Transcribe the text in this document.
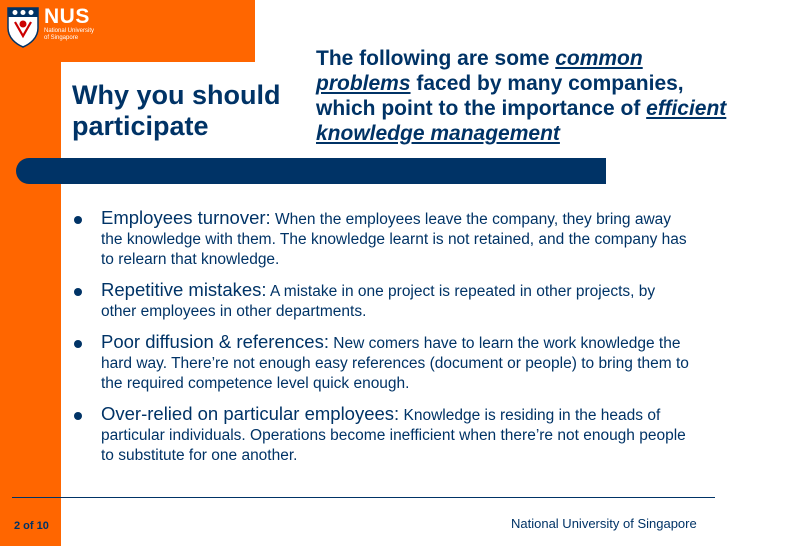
NUS
National University
of Singapore
Why you should participate

The following are some common problems faced by many companies, which point to the importance of efficient knowledge management

Employees turnover: When the employees leave the company, they bring away the knowledge with them. The knowledge learnt is not retained, and the company has to relearn that knowledge.
Repetitive mistakes: A mistake in one project is repeated in other projects, by other employees in other departments.
Poor diffusion & references: New comers have to learn the work knowledge the hard way. There’re not enough easy references (document or people) to bring them to the required competence level quick enough.
Over-relied on particular employees: Knowledge is residing in the heads of particular individuals. Operations become inefficient when there’re not enough people to substitute for one another.
2 of 10	National University of Singapore
